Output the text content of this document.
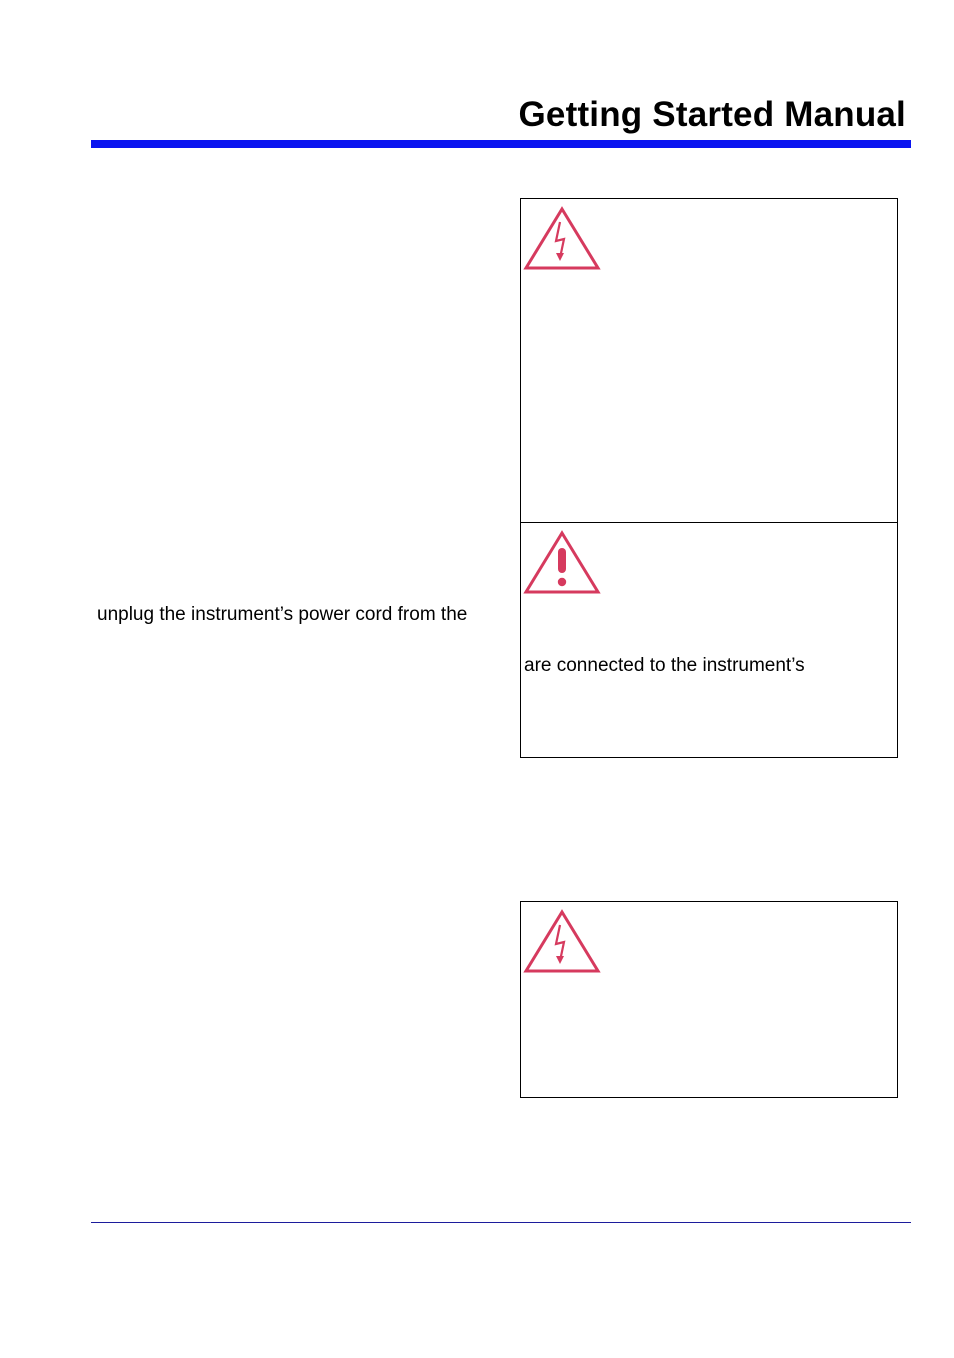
Getting Started Manual
are connected to the instrument’s
unplug the instrument’s power cord from the
